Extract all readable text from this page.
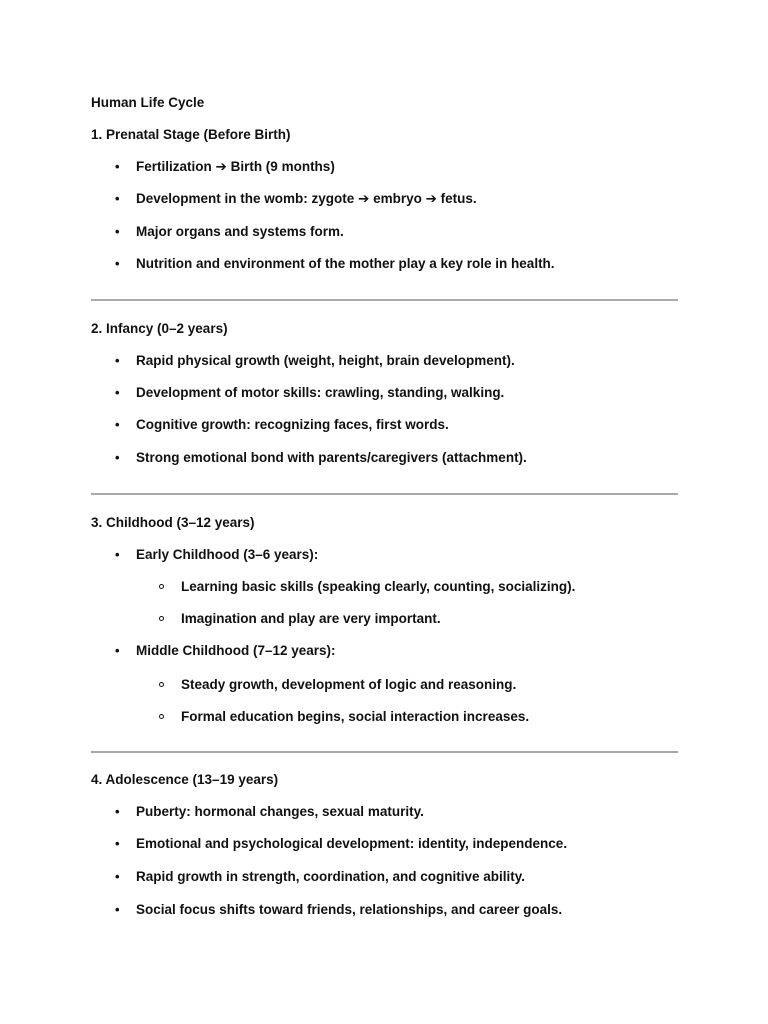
Human Life Cycle
1. Prenatal Stage (Before Birth)
• Fertilization ➔ Birth (9 months)
• Development in the womb: zygote ➔ embryo ➔ fetus.
• Major organs and systems form.
• Nutrition and environment of the mother play a key role in health.
2. Infancy (0–2 years)
• Rapid physical growth (weight, height, brain development).
• Development of motor skills: crawling, standing, walking.
• Cognitive growth: recognizing faces, first words.
• Strong emotional bond with parents/caregivers (attachment).
3. Childhood (3–12 years)
• Early Childhood (3–6 years):
Learning basic skills (speaking clearly, counting, socializing).
Imagination and play are very important.
• Middle Childhood (7–12 years):
Steady growth, development of logic and reasoning.
Formal education begins, social interaction increases.
4. Adolescence (13–19 years)
• Puberty: hormonal changes, sexual maturity.
• Emotional and psychological development: identity, independence.
• Rapid growth in strength, coordination, and cognitive ability.
• Social focus shifts toward friends, relationships, and career goals.
